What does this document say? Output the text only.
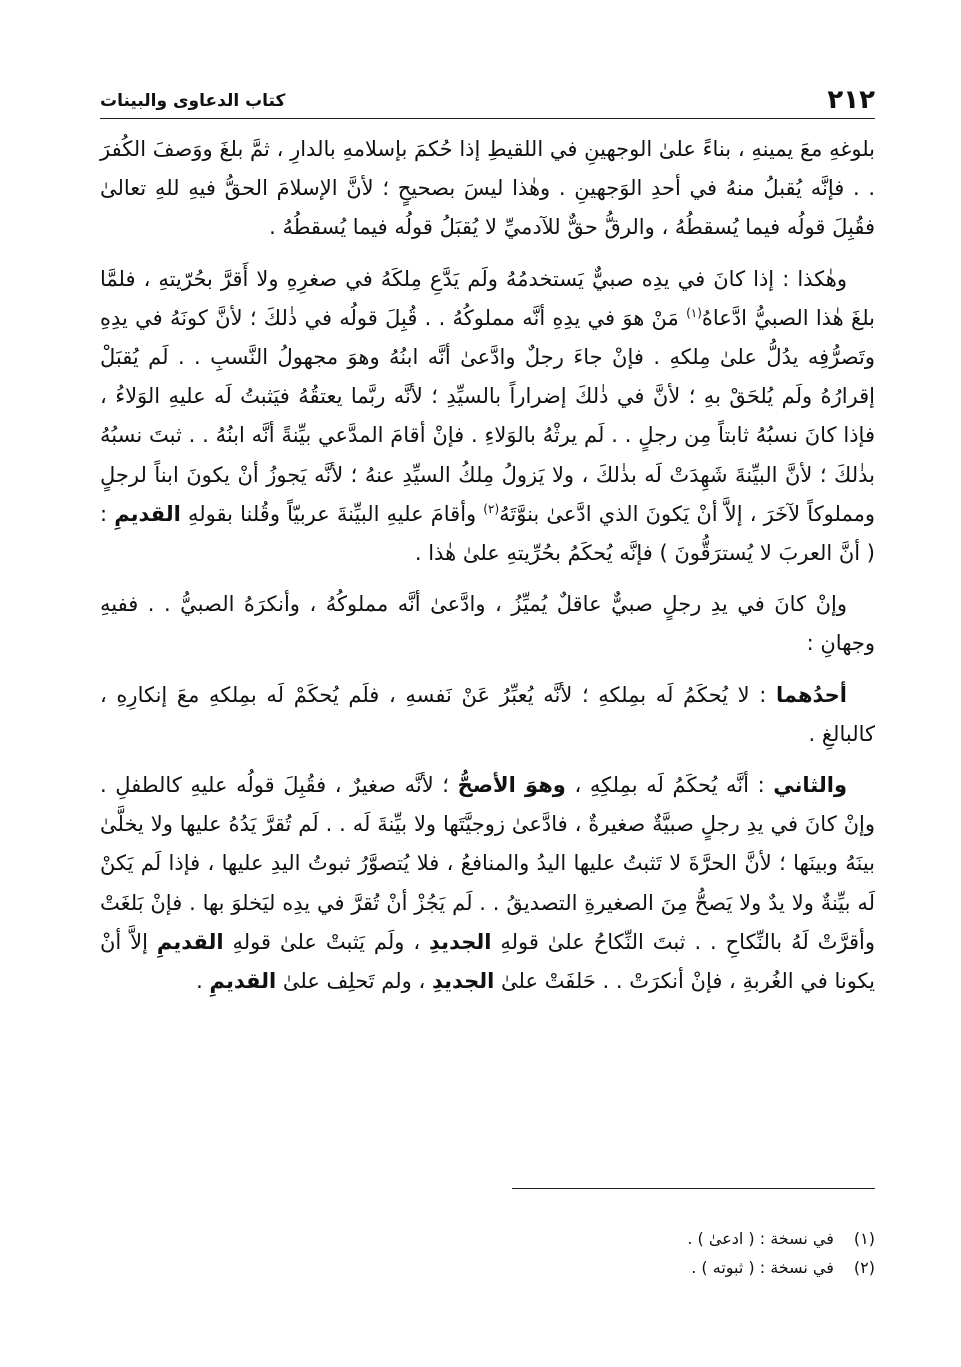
٢١٢
كتاب الدعاوى والبينات

بلوغهِ معَ يمينهِ ، بناءً علىٰ الوجهينِ في اللقيطِ إذا حُكمَ بإسلامهِ بالدارِ ، ثمَّ بلغَ ووَصفَ الكُفرَ . . فإنَّه يُقبلُ منهُ في أحدِ الوَجهينِ . وهٰذا ليسَ بصحيحٍ ؛ لأنَّ الإسلامَ الحقُّ فيهِ للهِ تعالىٰ فقُبِلَ قولُه فيما يُسقطُهُ ، والرقُّ حقٌّ للآدميِّ لا يُقبَلُ قولُه فيما يُسقطُهُ .

وهٰكذا : إذا كانَ في يدِه صبيٌّ يَستخدمُهُ ولَم يَدَّعِ مِلكَهُ في صغرِهِ ولا أَقرَّ بحُرّيتهِ ، فلمَّا بلغَ هٰذا الصبيُّ ادَّعاهُ$^{(١)}$ مَنْ هوَ في يدِهِ أنَّه مملوكُهُ . . قُبِلَ قولُه في ذٰلكَ ؛ لأنَّ كونَهُ في يدِهِ وتَصرُّفِه يدُلُّ علىٰ مِلكهِ . فإنْ جاءَ رجلٌ وادَّعىٰ أنَّه ابنُهُ وهوَ مجهولُ النَّسبِ . . لَم يُقبَلْ إقرارُهُ ولَم يُلحَقْ بهِ ؛ لأنَّ في ذٰلكَ إضراراً بالسيِّدِ ؛ لأنَّه ربَّما يعتقُهُ فيَثبتُ لَه عليهِ الوَلاءُ ، فإذا كانَ نسبُهُ ثابتاً مِن رجلٍ . . لَم يرثْهُ بالوَلاءِ . فإنْ أقامَ المدَّعي بيِّنةً أنَّه ابنُهُ . . ثبتَ نسبُهُ بذٰلكَ ؛ لأنَّ البيِّنةَ شَهِدَتْ لَه بذٰلكَ ، ولا يَزولُ مِلكُ السيِّدِ عنهُ ؛ لأنَّه يَجوزُ أنْ يكونَ ابناً لرجلٍ ومملوكاً لآخَرَ ، إلاَّ أنْ يَكونَ الذي ادَّعىٰ بنوَّتَهُ$^{(٢)}$ وأقامَ عليهِ البيِّنةَ عربيّاً وقُلنا بقولهِ القديمِ : ( أنَّ العربَ لا يُسترَقُّونَ ) فإنَّه يُحكَمُ بحُرِّيتهِ علىٰ هٰذا .

وإنْ كانَ في يدِ رجلٍ صبيٌّ عاقلٌ يُميِّزُ ، وادَّعىٰ أنَّه مملوكُهُ ، وأنكرَهُ الصبيُّ . . ففيهِ وجهانِ :

أحدُهما : لا يُحكَمُ لَه بمِلكهِ ؛ لأنَّه يُعبِّرُ عَنْ نَفسهِ ، فلَم يُحكَمْ لَه بمِلكهِ معَ إنكارِهِ ، كالبالغِ .

والثاني : أنَّه يُحكَمُ لَه بمِلكِهِ ، وهوَ الأصحُّ ؛ لأنَّه صغيرٌ ، فقُبِلَ قولُه عليهِ كالطفلِ . وإنْ كانَ في يدِ رجلٍ صبيَّةٌ صغيرةٌ ، فادَّعىٰ زوجيَّتَها ولا بيِّنةَ لَه . . لَم تُقرَّ يَدُهُ عليها ولا يخلَّىٰ بينَهُ وبينَها ؛ لأنَّ الحرَّةَ لا تَثبتُ عليها اليدُ والمنافعُ ، فلا يُتصوَّرُ ثبوتُ اليدِ عليها ، فإذا لَم يَكنْ لَه بيِّنةٌ ولا يدٌ ولا يَصحُّ مِنَ الصغيرةِ التصديقُ . . لَم يَجُزْ أنْ تُقرَّ في يدِه ليَخلوَ بها . فإنْ بَلغَتْ وأقرَّتْ لَهُ بالنِّكاحِ . . ثبتَ النِّكاحُ علىٰ قولهِ الجديدِ ، ولَم يَثبتْ علىٰ قولهِ القديمِ إلاَّ أنْ يكونا في الغُربةِ ، فإنْ أنكرَتْ . . حَلفَتْ علىٰ الجديدِ ، ولم تَحلِف علىٰ القديمِ .

(١) في نسخة : ( ادعىٰ ) .
(٢) في نسخة : ( ثبوته ) .
